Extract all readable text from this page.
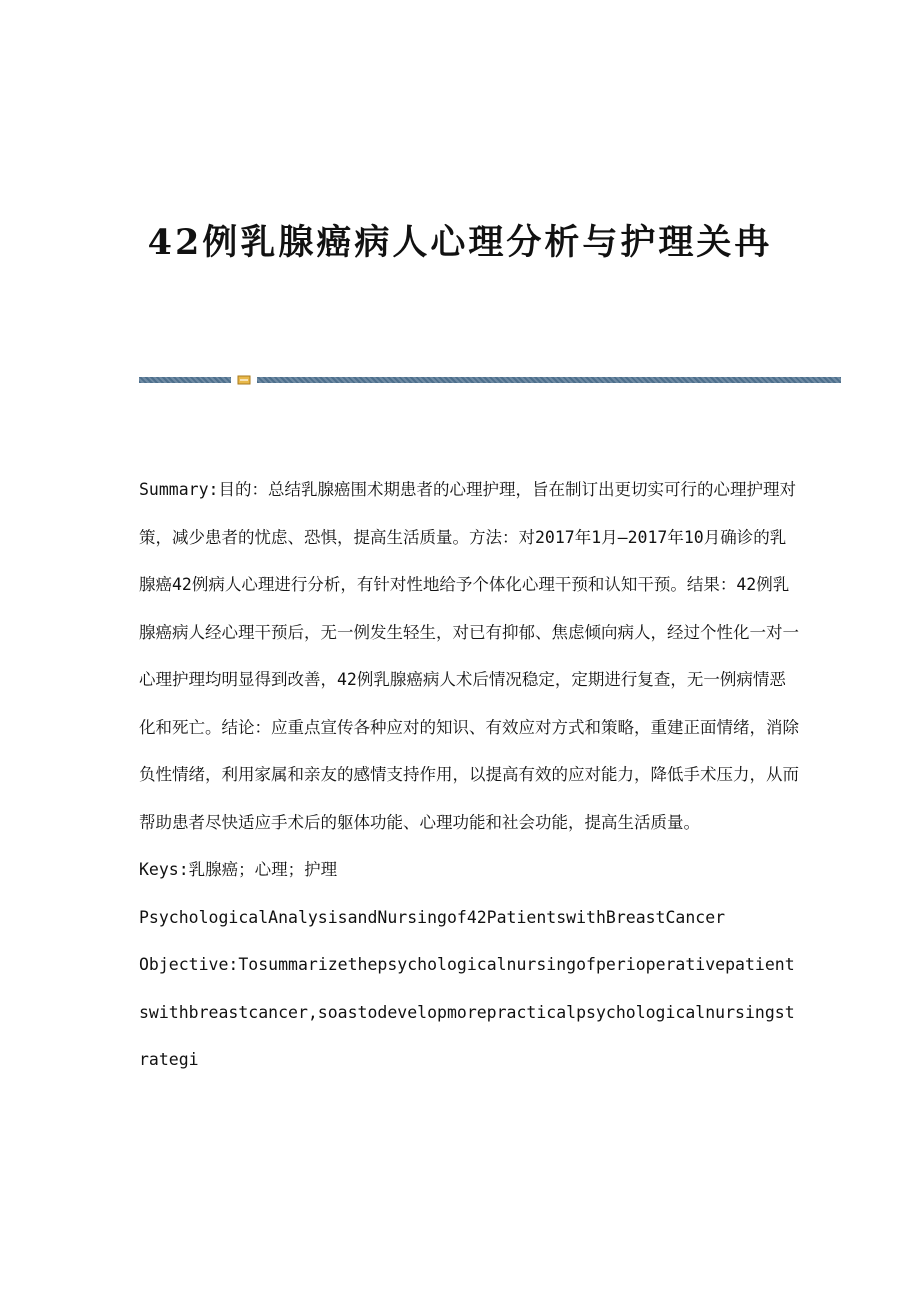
42例乳腺癌病人心理分析与护理关冉

Summary:目的：总结乳腺癌围术期患者的心理护理，旨在制订出更切实可行的心理护理对策，减少患者的忧虑、恐惧，提高生活质量。方法：对2017年1月—2017年10月确诊的乳腺癌42例病人心理进行分析，有针对性地给予个体化心理干预和认知干预。结果：42例乳腺癌病人经心理干预后，无一例发生轻生，对已有抑郁、焦虑倾向病人，经过个性化一对一心理护理均明显得到改善，42例乳腺癌病人术后情况稳定，定期进行复查，无一例病情恶化和死亡。结论：应重点宣传各种应对的知识、有效应对方式和策略，重建正面情绪，消除负性情绪，利用家属和亲友的感情支持作用，以提高有效的应对能力，降低手术压力，从而帮助患者尽快适应手术后的躯体功能、心理功能和社会功能，提高生活质量。

Keys:乳腺癌；心理；护理

PsychologicalAnalysisandNursingof42PatientswithBreastCancer

Objective:Tosummarizethepsychologicalnursingofperioperativepatientswithbreastcancer,soastodevelopmorepracticalpsychologicalnursingstrategi
